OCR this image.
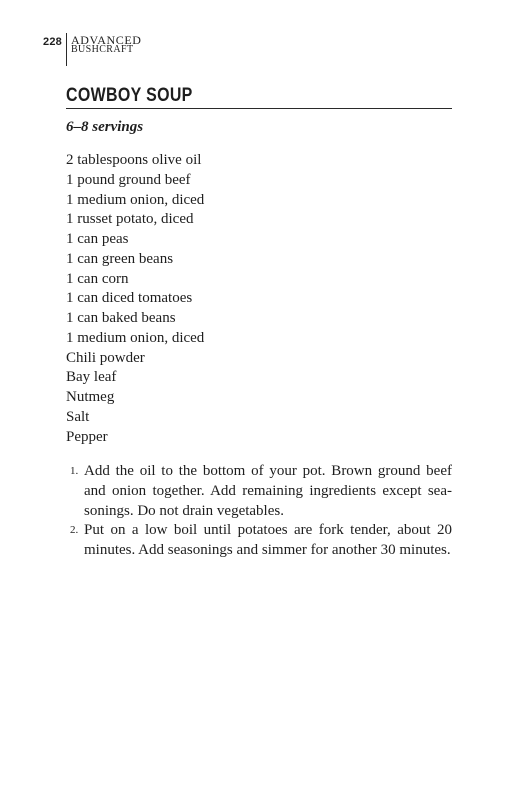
228 ADVANCED
BUSHCRAFT
COWBOY SOUP
6–8 servings
2 tablespoons olive oil
1 pound ground beef
1 medium onion, diced
1 russet potato, diced
1 can peas
1 can green beans
1 can corn
1 can diced tomatoes
1 can baked beans
1 medium onion, diced
Chili powder
Bay leaf
Nutmeg
Salt
Pepper
1. Add the oil to the bottom of your pot. Brown ground beef and onion together. Add remaining ingredients except seasonings. Do not drain vegetables.
2. Put on a low boil until potatoes are fork tender, about 20 minutes. Add seasonings and simmer for another 30 minutes.
